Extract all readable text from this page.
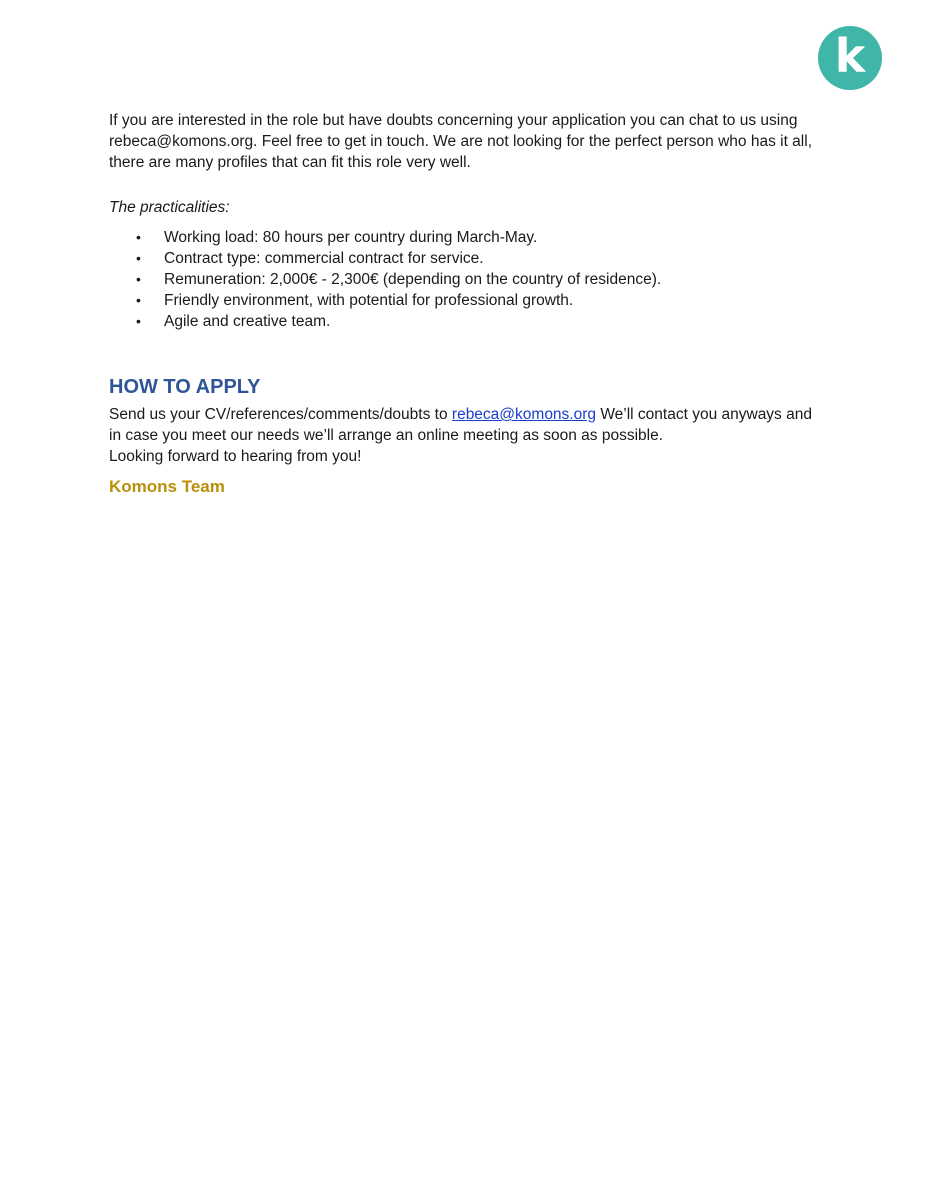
k
If you are interested in the role but have doubts concerning your application you can chat to us using
rebeca@komons.org. Feel free to get in touch. We are not looking for the perfect person who has it all,
there are many profiles that can fit this role very well.
The practicalities:
• Working load: 80 hours per country during March-May.
• Contract type: commercial contract for service.
• Remuneration: 2,000€ - 2,300€ (depending on the country of residence).
• Friendly environment, with potential for professional growth.
• Agile and creative team.
HOW TO APPLY
Send us your CV/references/comments/doubts to rebeca@komons.org We’ll contact you anyways and
in case you meet our needs we’ll arrange an online meeting as soon as possible.
Looking forward to hearing from you!
Komons Team
